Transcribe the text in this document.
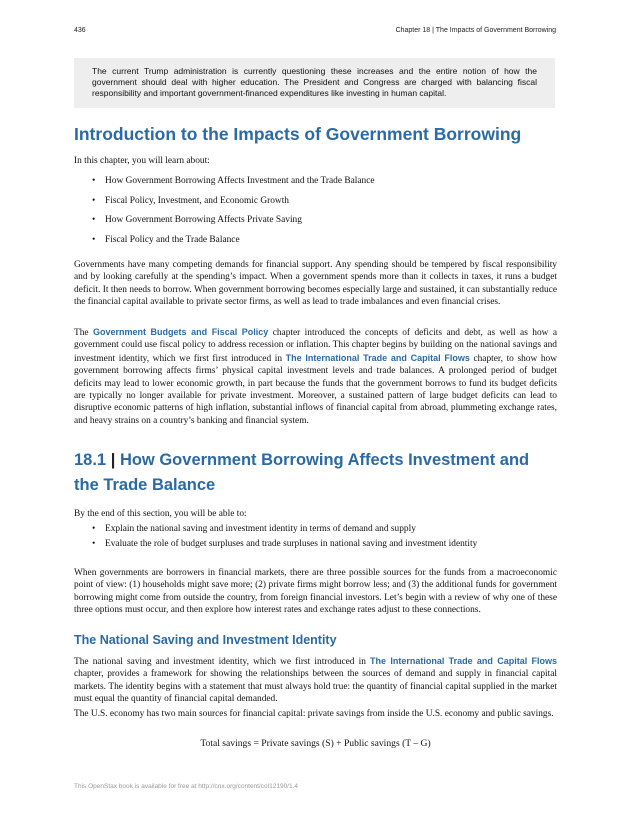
436	Chapter 18 | The Impacts of Government Borrowing
The current Trump administration is currently questioning these increases and the entire notion of how the government should deal with higher education. The President and Congress are charged with balancing fiscal responsibility and important government-financed expenditures like investing in human capital.
Introduction to the Impacts of Government Borrowing

In this chapter, you will learn about:

• How Government Borrowing Affects Investment and the Trade Balance
• Fiscal Policy, Investment, and Economic Growth
• How Government Borrowing Affects Private Saving
• Fiscal Policy and the Trade Balance

Governments have many competing demands for financial support. Any spending should be tempered by fiscal responsibility and by looking carefully at the spending’s impact. When a government spends more than it collects in taxes, it runs a budget deficit. It then needs to borrow. When government borrowing becomes especially large and sustained, it can substantially reduce the financial capital available to private sector firms, as well as lead to trade imbalances and even financial crises.

The Government Budgets and Fiscal Policy chapter introduced the concepts of deficits and debt, as well as how a government could use fiscal policy to address recession or inflation. This chapter begins by building on the national savings and investment identity, which we first first introduced in The International Trade and Capital Flows chapter, to show how government borrowing affects firms’ physical capital investment levels and trade balances. A prolonged period of budget deficits may lead to lower economic growth, in part because the funds that the government borrows to fund its budget deficits are typically no longer available for private investment. Moreover, a sustained pattern of large budget deficits can lead to disruptive economic patterns of high inflation, substantial inflows of financial capital from abroad, plummeting exchange rates, and heavy strains on a country’s banking and financial system.

18.1 | How Government Borrowing Affects Investment and the Trade Balance

By the end of this section, you will be able to:

• Explain the national saving and investment identity in terms of demand and supply
• Evaluate the role of budget surpluses and trade surpluses in national saving and investment identity

When governments are borrowers in financial markets, there are three possible sources for the funds from a macroeconomic point of view: (1) households might save more; (2) private firms might borrow less; and (3) the additional funds for government borrowing might come from outside the country, from foreign financial investors. Let’s begin with a review of why one of these three options must occur, and then explore how interest rates and exchange rates adjust to these connections.

The National Saving and Investment Identity

The national saving and investment identity, which we first introduced in The International Trade and Capital Flows chapter, provides a framework for showing the relationships between the sources of demand and supply in financial capital markets. The identity begins with a statement that must always hold true: the quantity of financial capital supplied in the market must equal the quantity of financial capital demanded.

The U.S. economy has two main sources for financial capital: private savings from inside the U.S. economy and public savings.

Total savings = Private savings (S) + Public savings (T – G)
This OpenStax book is available for free at http://cnx.org/content/col12190/1.4
